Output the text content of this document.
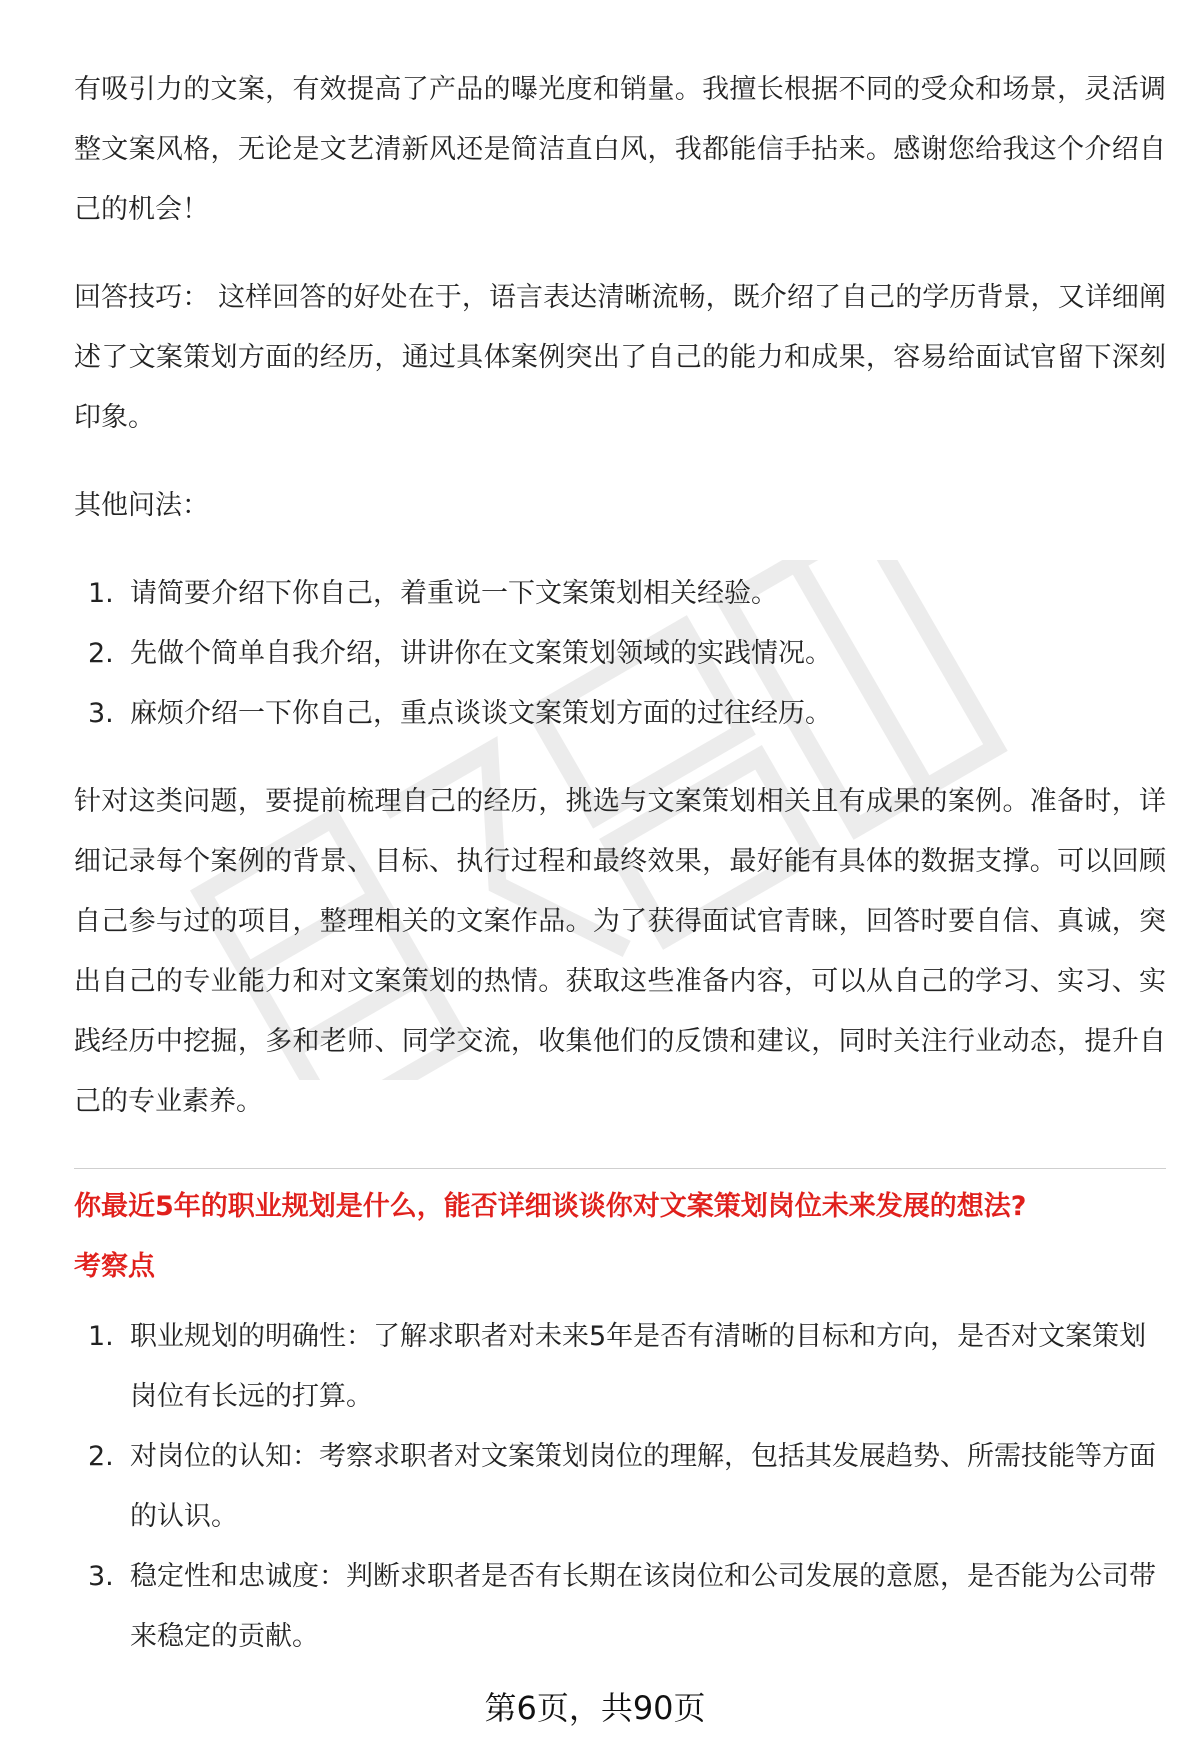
有吸引力的文案，有效提高了产品的曝光度和销量。我擅长根据不同的受众和场景，灵活调整文案风格，无论是文艺清新风还是简洁直白风，我都能信手拈来。感谢您给我这个介绍自己的机会！

回答技巧： 这样回答的好处在于，语言表达清晰流畅，既介绍了自己的学历背景，又详细阐述了文案策划方面的经历，通过具体案例突出了自己的能力和成果，容易给面试官留下深刻印象。

其他问法：

1. 请简要介绍下你自己，着重说一下文案策划相关经验。
2. 先做个简单自我介绍，讲讲你在文案策划领域的实践情况。
3. 麻烦介绍一下你自己，重点谈谈文案策划方面的过往经历。

针对这类问题，要提前梳理自己的经历，挑选与文案策划相关且有成果的案例。准备时，详细记录每个案例的背景、目标、执行过程和最终效果，最好能有具体的数据支撑。可以回顾自己参与过的项目，整理相关的文案作品。为了获得面试官青睐，回答时要自信、真诚，突出自己的专业能力和对文案策划的热情。获取这些准备内容，可以从自己的学习、实习、实践经历中挖掘，多和老师、同学交流，收集他们的反馈和建议，同时关注行业动态，提升自己的专业素养。

你最近5年的职业规划是什么，能否详细谈谈你对文案策划岗位未来发展的想法?

考察点

1. 职业规划的明确性：了解求职者对未来5年是否有清晰的目标和方向，是否对文案策划岗位有长远的打算。
2. 对岗位的认知：考察求职者对文案策划岗位的理解，包括其发展趋势、所需技能等方面的认识。
3. 稳定性和忠诚度：判断求职者是否有长期在该岗位和公司发展的意愿，是否能为公司带来稳定的贡献。
第6页，共90页
